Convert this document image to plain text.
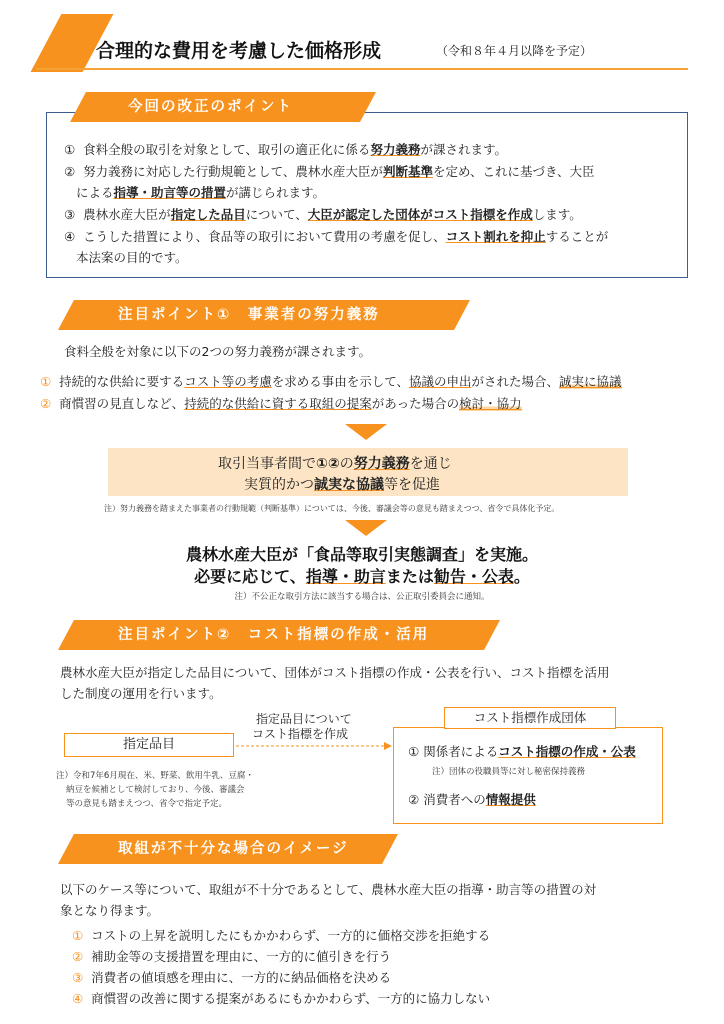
合理的な費用を考慮した価格形成	（令和８年４月以降を予定）
今回の改正のポイント
① 食料全般の取引を対象として、取引の適正化に係る努力義務が課されます。
② 努力義務に対応した行動規範として、農林水産大臣が判断基準を定め、これに基づき、大臣
による指導・助言等の措置が講じられます。
③ 農林水産大臣が指定した品目について、大臣が認定した団体がコスト指標を作成します。
④ こうした措置により、食品等の取引において費用の考慮を促し、コスト割れを抑止することが
本法案の目的です。
注目ポイント①　事業者の努力義務
食料全般を対象に以下の2つの努力義務が課されます。
① 持続的な供給に要するコスト等の考慮を求める事由を示して、協議の申出がされた場合、誠実に協議
② 商慣習の見直しなど、持続的な供給に資する取組の提案があった場合の検討・協力
取引当事者間で①②の努力義務を通じ
実質的かつ誠実な協議等を促進
注）努力義務を踏まえた事業者の行動規範（判断基準）については、今後、審議会等の意見も踏まえつつ、省令で具体化予定。
農林水産大臣が「食品等取引実態調査」を実施。
必要に応じて、指導・助言または勧告・公表。
注）不公正な取引方法に該当する場合は、公正取引委員会に通知。
注目ポイント②　コスト指標の作成・活用
農林水産大臣が指定した品目について、団体がコスト指標の作成・公表を行い、コスト指標を活用
した制度の運用を行います。
指定品目について
コスト指標を作成
指定品目
注）令和7年6月現在、米、野菜、飲用牛乳、豆腐・
納豆を候補として検討しており、今後、審議会
等の意見も踏まえつつ、省令で指定予定。
コスト指標作成団体
① 関係者によるコスト指標の作成・公表
注）団体の役職員等に対し秘密保持義務
② 消費者への情報提供
取組が不十分な場合のイメージ
以下のケース等について、取組が不十分であるとして、農林水産大臣の指導・助言等の措置の対
象となり得ます。
① コストの上昇を説明したにもかかわらず、一方的に価格交渉を拒絶する
② 補助金等の支援措置を理由に、一方的に値引きを行う
③ 消費者の値頃感を理由に、一方的に納品価格を決める
④ 商慣習の改善に関する提案があるにもかかわらず、一方的に協力しない
